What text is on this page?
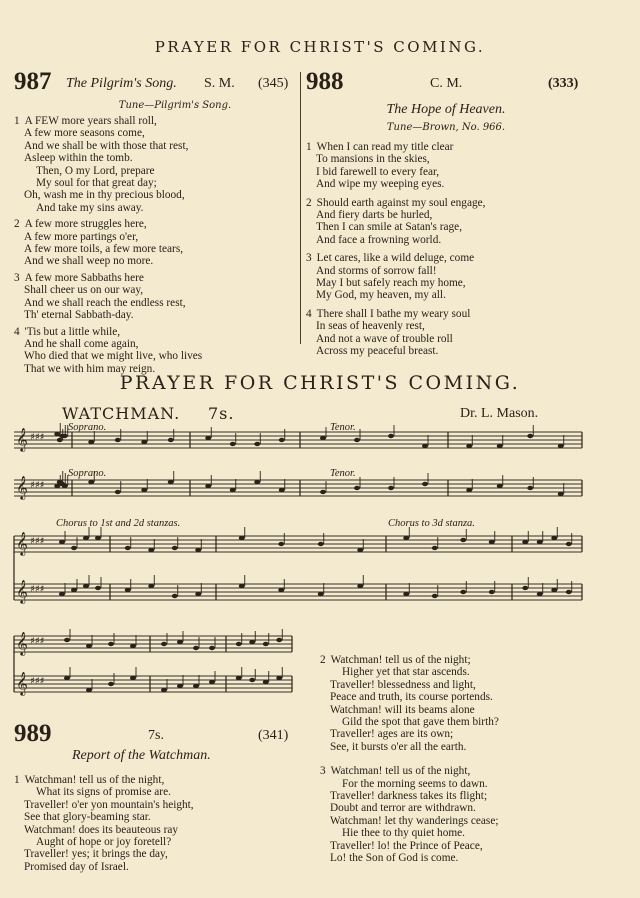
PRAYER FOR CHRIST'S COMING.
987 The Pilgrim's Song. S. M. (345)
Tune—Pilgrim's Song.
1 A FEW more years shall roll,
A few more seasons come,
And we shall be with those that rest,
Asleep within the tomb.
Then, O my Lord, prepare
My soul for that great day;
Oh, wash me in thy precious blood,
And take my sins away.
2 A few more struggles here,
A few more partings o'er,
A few more toils, a few more tears,
And we shall weep no more.
3 A few more Sabbaths here
Shall cheer us on our way,
And we shall reach the endless rest,
Th' eternal Sabbath-day.
4 'Tis but a little while,
And he shall come again,
Who died that we might live, who lives
That we with him may reign.
988	C. M.	(333)
The Hope of Heaven.
Tune—Brown, No. 966.
1 When I can read my title clear
To mansions in the skies,
I bid farewell to every fear,
And wipe my weeping eyes.
2 Should earth against my soul engage,
And fiery darts be hurled,
Then I can smile at Satan's rage,
And face a frowning world.
3 Let cares, like a wild deluge, come
And storms of sorrow fall!
May I but safely reach my home,
My God, my heaven, my all.
4 There shall I bathe my weary soul
In seas of heavenly rest,
And not a wave of trouble roll
Across my peaceful breast.
PRAYER FOR CHRIST'S COMING.
WATCHMAN. 7s.	Dr. L. Mason.
Soprano.	Tenor.
Soprano.	Tenor.
Chorus to 1st and 2d stanzas.	Chorus to 3d stanza.
𝄞 ♯♯♯
𝄞 ♯♯♯
𝄞 ♯♯♯
𝄞 ♯♯♯
𝄞 ♯♯♯
𝄞 ♯♯♯
989	7s.	(341)
Report of the Watchman.
1 Watchman! tell us of the night,
What its signs of promise are.
Traveller! o'er yon mountain's height,
See that glory-beaming star.
Watchman! does its beauteous ray
Aught of hope or joy foretell?
Traveller! yes; it brings the day,
Promised day of Israel.
2 Watchman! tell us of the night;
Higher yet that star ascends.
Traveller! blessedness and light,
Peace and truth, its course portends.
Watchman! will its beams alone
Gild the spot that gave them birth?
Traveller! ages are its own;
See, it bursts o'er all the earth.
3 Watchman! tell us of the night,
For the morning seems to dawn.
Traveller! darkness takes its flight;
Doubt and terror are withdrawn.
Watchman! let thy wanderings cease;
Hie thee to thy quiet home.
Traveller! lo! the Prince of Peace,
Lo! the Son of God is come.
